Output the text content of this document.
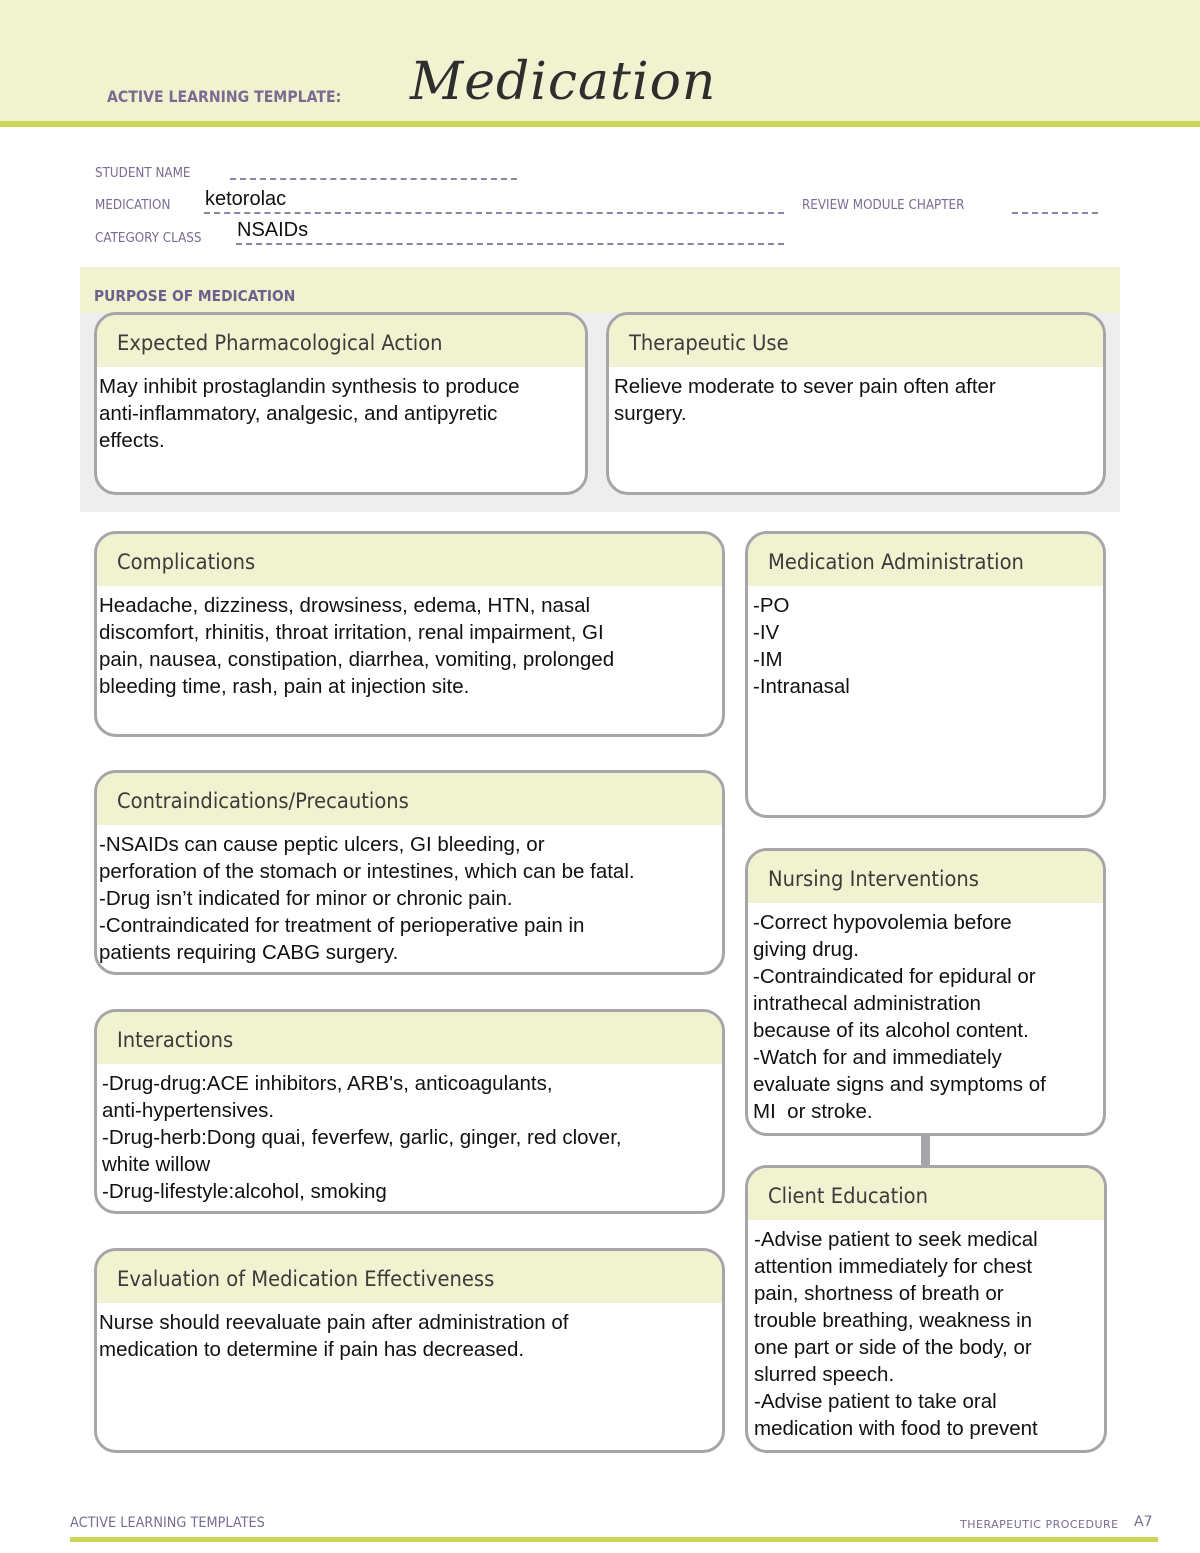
ACTIVE LEARNING TEMPLATE: Medication
STUDENT NAME
MEDICATION ketorolac	REVIEW MODULE CHAPTER
CATEGORY CLASS NSAIDs
PURPOSE OF MEDICATION
Expected Pharmacological Action
May inhibit prostaglandin synthesis to produce
anti-inflammatory, analgesic, and antipyretic
effects.
Therapeutic Use
Relieve moderate to sever pain often after
surgery.
Complications
Headache, dizziness, drowsiness, edema, HTN, nasal
discomfort, rhinitis, throat irritation, renal impairment, GI
pain, nausea, constipation, diarrhea, vomiting, prolonged
bleeding time, rash, pain at injection site.
Medication Administration
-PO
-IV
-IM
-Intranasal
Contraindications/Precautions
-NSAIDs can cause peptic ulcers, GI bleeding, or
perforation of the stomach or intestines, which can be fatal.
-Drug isn’t indicated for minor or chronic pain.
-Contraindicated for treatment of perioperative pain in
patients requiring CABG surgery.
Nursing Interventions
-Correct hypovolemia before
giving drug.
-Contraindicated for epidural or
intrathecal administration
because of its alcohol content.
-Watch for and immediately
evaluate signs and symptoms of
MI  or stroke.
Interactions
-Drug-drug:ACE inhibitors, ARB's, anticoagulants,
anti-hypertensives.
-Drug-herb:Dong quai, feverfew, garlic, ginger, red clover,
white willow
-Drug-lifestyle:alcohol, smoking	Client Education
-Advise patient to seek medical
attention immediately for chest
pain, shortness of breath or
trouble breathing, weakness in
one part or side of the body, or
slurred speech.
-Advise patient to take oral
medication with food to prevent
Evaluation of Medication Effectiveness
Nurse should reevaluate pain after administration of
medication to determine if pain has decreased.
ACTIVE LEARNING TEMPLATES	THERAPEUTIC PROCEDURE A7
